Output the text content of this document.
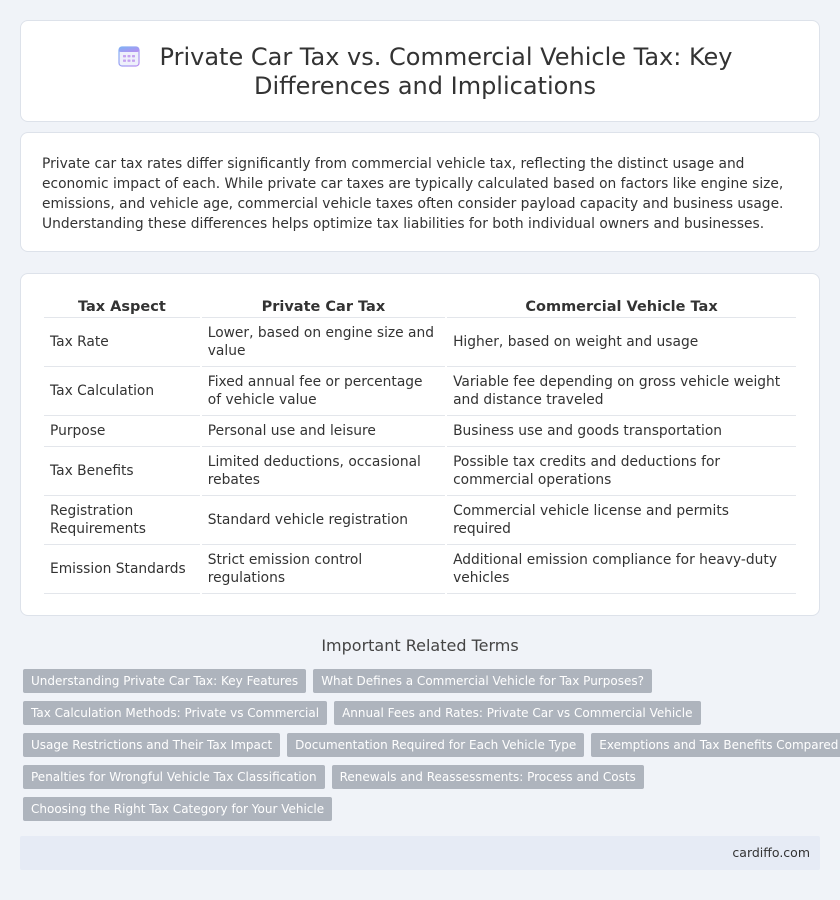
Private Car Tax vs. Commercial Vehicle Tax: Key Differences and Implications

Private car tax rates differ significantly from commercial vehicle tax, reflecting the distinct usage and economic impact of each. While private car taxes are typically calculated based on factors like engine size, emissions, and vehicle age, commercial vehicle taxes often consider payload capacity and business usage. Understanding these differences helps optimize tax liabilities for both individual owners and businesses.

Tax Aspect	Private Car Tax	Commercial Vehicle Tax
Tax Rate	Lower, based on engine size and value	Higher, based on weight and usage
Tax Calculation	Fixed annual fee or percentage of vehicle value	Variable fee depending on gross vehicle weight and distance traveled
Purpose	Personal use and leisure	Business use and goods transportation
Tax Benefits	Limited deductions, occasional rebates	Possible tax credits and deductions for commercial operations
Registration Requirements	Standard vehicle registration	Commercial vehicle license and permits required
Emission Standards	Strict emission control regulations	Additional emission compliance for heavy-duty vehicles
Important Related Terms
Understanding Private Car Tax: Key Features	What Defines a Commercial Vehicle for Tax Purposes?
Tax Calculation Methods: Private vs Commercial	Annual Fees and Rates: Private Car vs Commercial Vehicle
Usage Restrictions and Their Tax Impact	Documentation Required for Each Vehicle Type	Exemptions and Tax Benefits Compared
Penalties for Wrongful Vehicle Tax Classification	Renewals and Reassessments: Process and Costs
Choosing the Right Tax Category for Your Vehicle
cardiffo.com
